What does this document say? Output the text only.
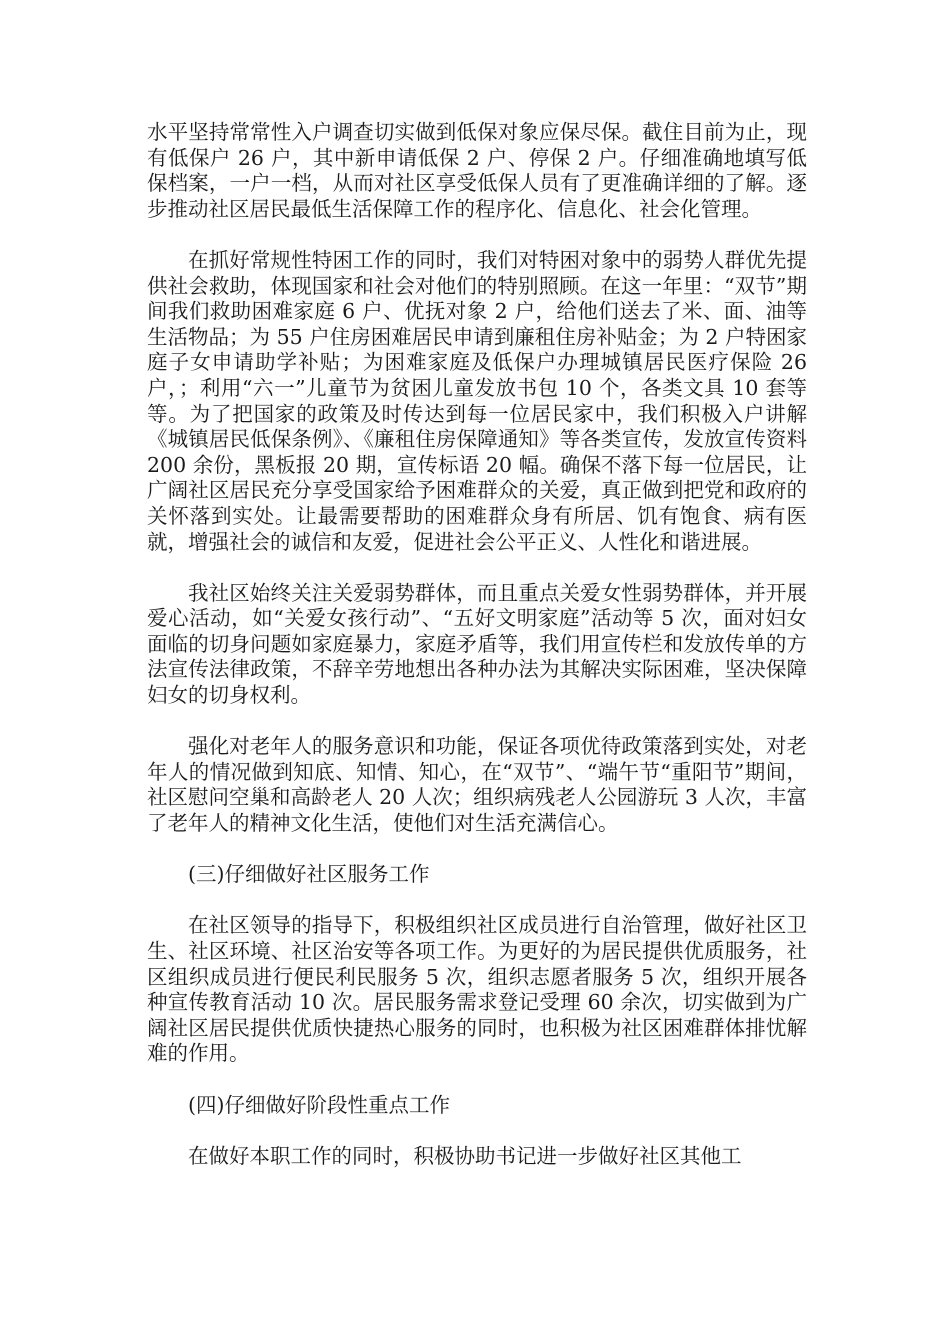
水平坚持常常性入户调查切实做到低保对象应保尽保。截住目前为止，现有低保户 26 户，其中新申请低保 2 户、停保 2 户。仔细准确地填写低保档案，一户一档，从而对社区享受低保人员有了更准确详细的了解。逐步推动社区居民最低生活保障工作的程序化、信息化、社会化管理。

在抓好常规性特困工作的同时，我们对特困对象中的弱势人群优先提供社会救助，体现国家和社会对他们的特别照顾。在这一年里：“双节”期间我们救助困难家庭 6 户、优抚对象 2 户，给他们送去了米、面、油等生活物品；为 55 户住房困难居民申请到廉租住房补贴金；为 2 户特困家庭子女申请助学补贴；为困难家庭及低保户办理城镇居民医疗保险 26 户，；利用“六一”儿童节为贫困儿童发放书包 10 个，各类文具 10 套等等。为了把国家的政策及时传达到每一位居民家中，我们积极入户讲解《城镇居民低保条例》、《廉租住房保障通知》等各类宣传，发放宣传资料 200 余份，黑板报 20 期，宣传标语 20 幅。确保不落下每一位居民，让广阔社区居民充分享受国家给予困难群众的关爱，真正做到把党和政府的关怀落到实处。让最需要帮助的困难群众身有所居、饥有饱食、病有医就，增强社会的诚信和友爱，促进社会公平正义、人性化和谐进展。

我社区始终关注关爱弱势群体，而且重点关爱女性弱势群体，并开展爱心活动，如“关爱女孩行动”、“五好文明家庭”活动等 5 次，面对妇女面临的切身问题如家庭暴力，家庭矛盾等，我们用宣传栏和发放传单的方法宣传法律政策，不辞辛劳地想出各种办法为其解决实际困难，坚决保障妇女的切身权利。

强化对老年人的服务意识和功能，保证各项优待政策落到实处，对老年人的情况做到知底、知情、知心，在“双节”、“端午节“重阳节”期间，社区慰问空巢和高龄老人 20 人次；组织病残老人公园游玩 3 人次，丰富了老年人的精神文化生活，使他们对生活充满信心。

(三)仔细做好社区服务工作

在社区领导的指导下，积极组织社区成员进行自治管理，做好社区卫生、社区环境、社区治安等各项工作。为更好的为居民提供优质服务，社区组织成员进行便民利民服务 5 次，组织志愿者服务 5 次，组织开展各种宣传教育活动 10 次。居民服务需求登记受理 60 余次，切实做到为广阔社区居民提供优质快捷热心服务的同时，也积极为社区困难群体排忧解难的作用。

(四)仔细做好阶段性重点工作

在做好本职工作的同时，积极协助书记进一步做好社区其他工
